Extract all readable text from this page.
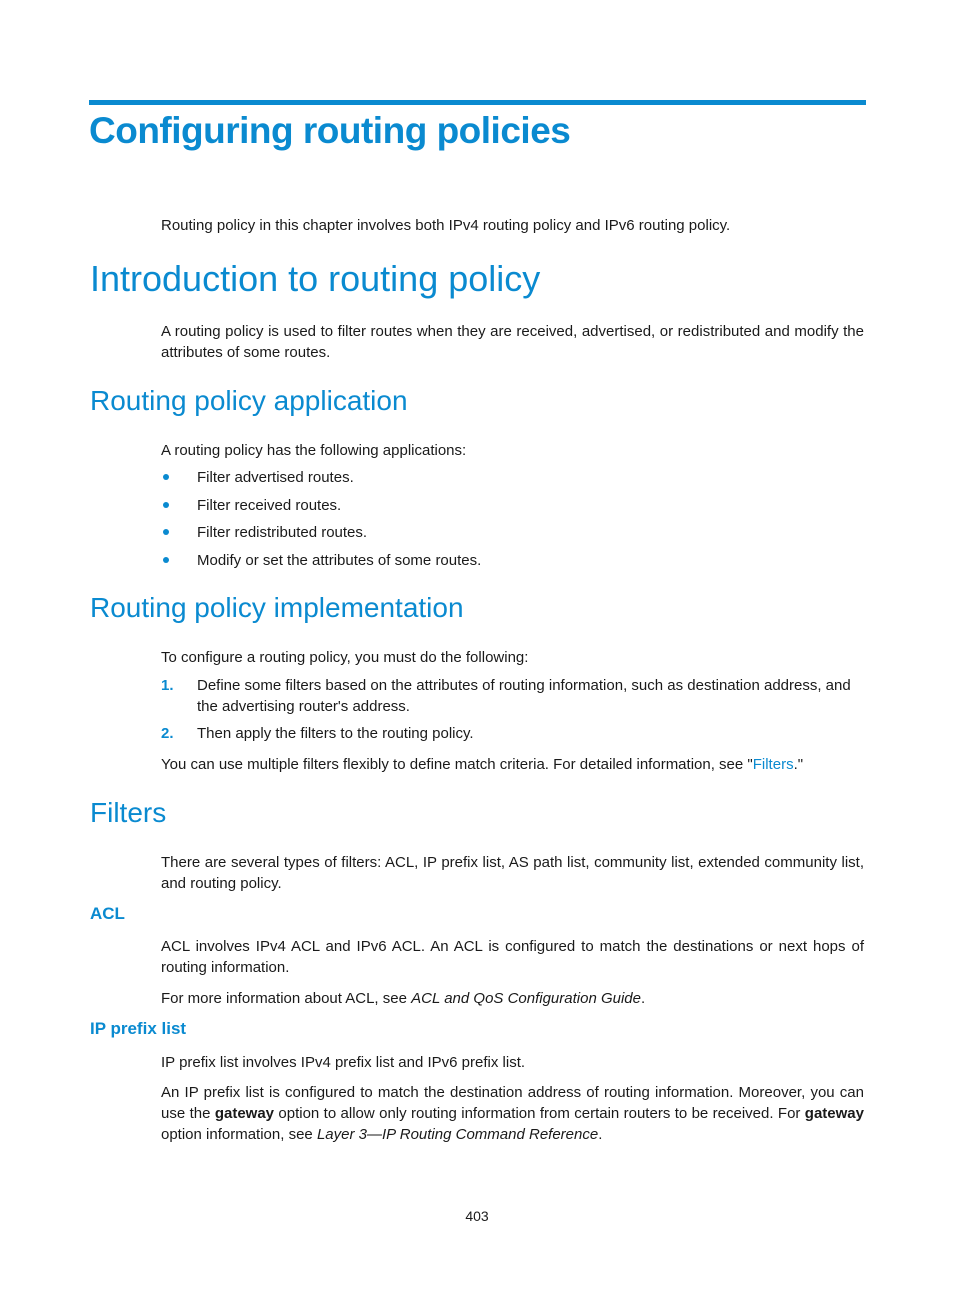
Configuring routing policies

Routing policy in this chapter involves both IPv4 routing policy and IPv6 routing policy.

Introduction to routing policy

A routing policy is used to filter routes when they are received, advertised, or redistributed and modify the attributes of some routes.

Routing policy application

A routing policy has the following applications:

Filter advertised routes.

Filter received routes.

Filter redistributed routes.

Modify or set the attributes of some routes.

Routing policy implementation

To configure a routing policy, you must do the following:

1. Define some filters based on the attributes of routing information, such as destination address, and the advertising router's address.

2. Then apply the filters to the routing policy.

You can use multiple filters flexibly to define match criteria. For detailed information, see "Filters."

Filters

There are several types of filters: ACL, IP prefix list, AS path list, community list, extended community list, and routing policy.

ACL

ACL involves IPv4 ACL and IPv6 ACL. An ACL is configured to match the destinations or next hops of routing information.

For more information about ACL, see ACL and QoS Configuration Guide.

IP prefix list

IP prefix list involves IPv4 prefix list and IPv6 prefix list.

An IP prefix list is configured to match the destination address of routing information. Moreover, you can use the gateway option to allow only routing information from certain routers to be received. For gateway option information, see Layer 3—IP Routing Command Reference.

403
